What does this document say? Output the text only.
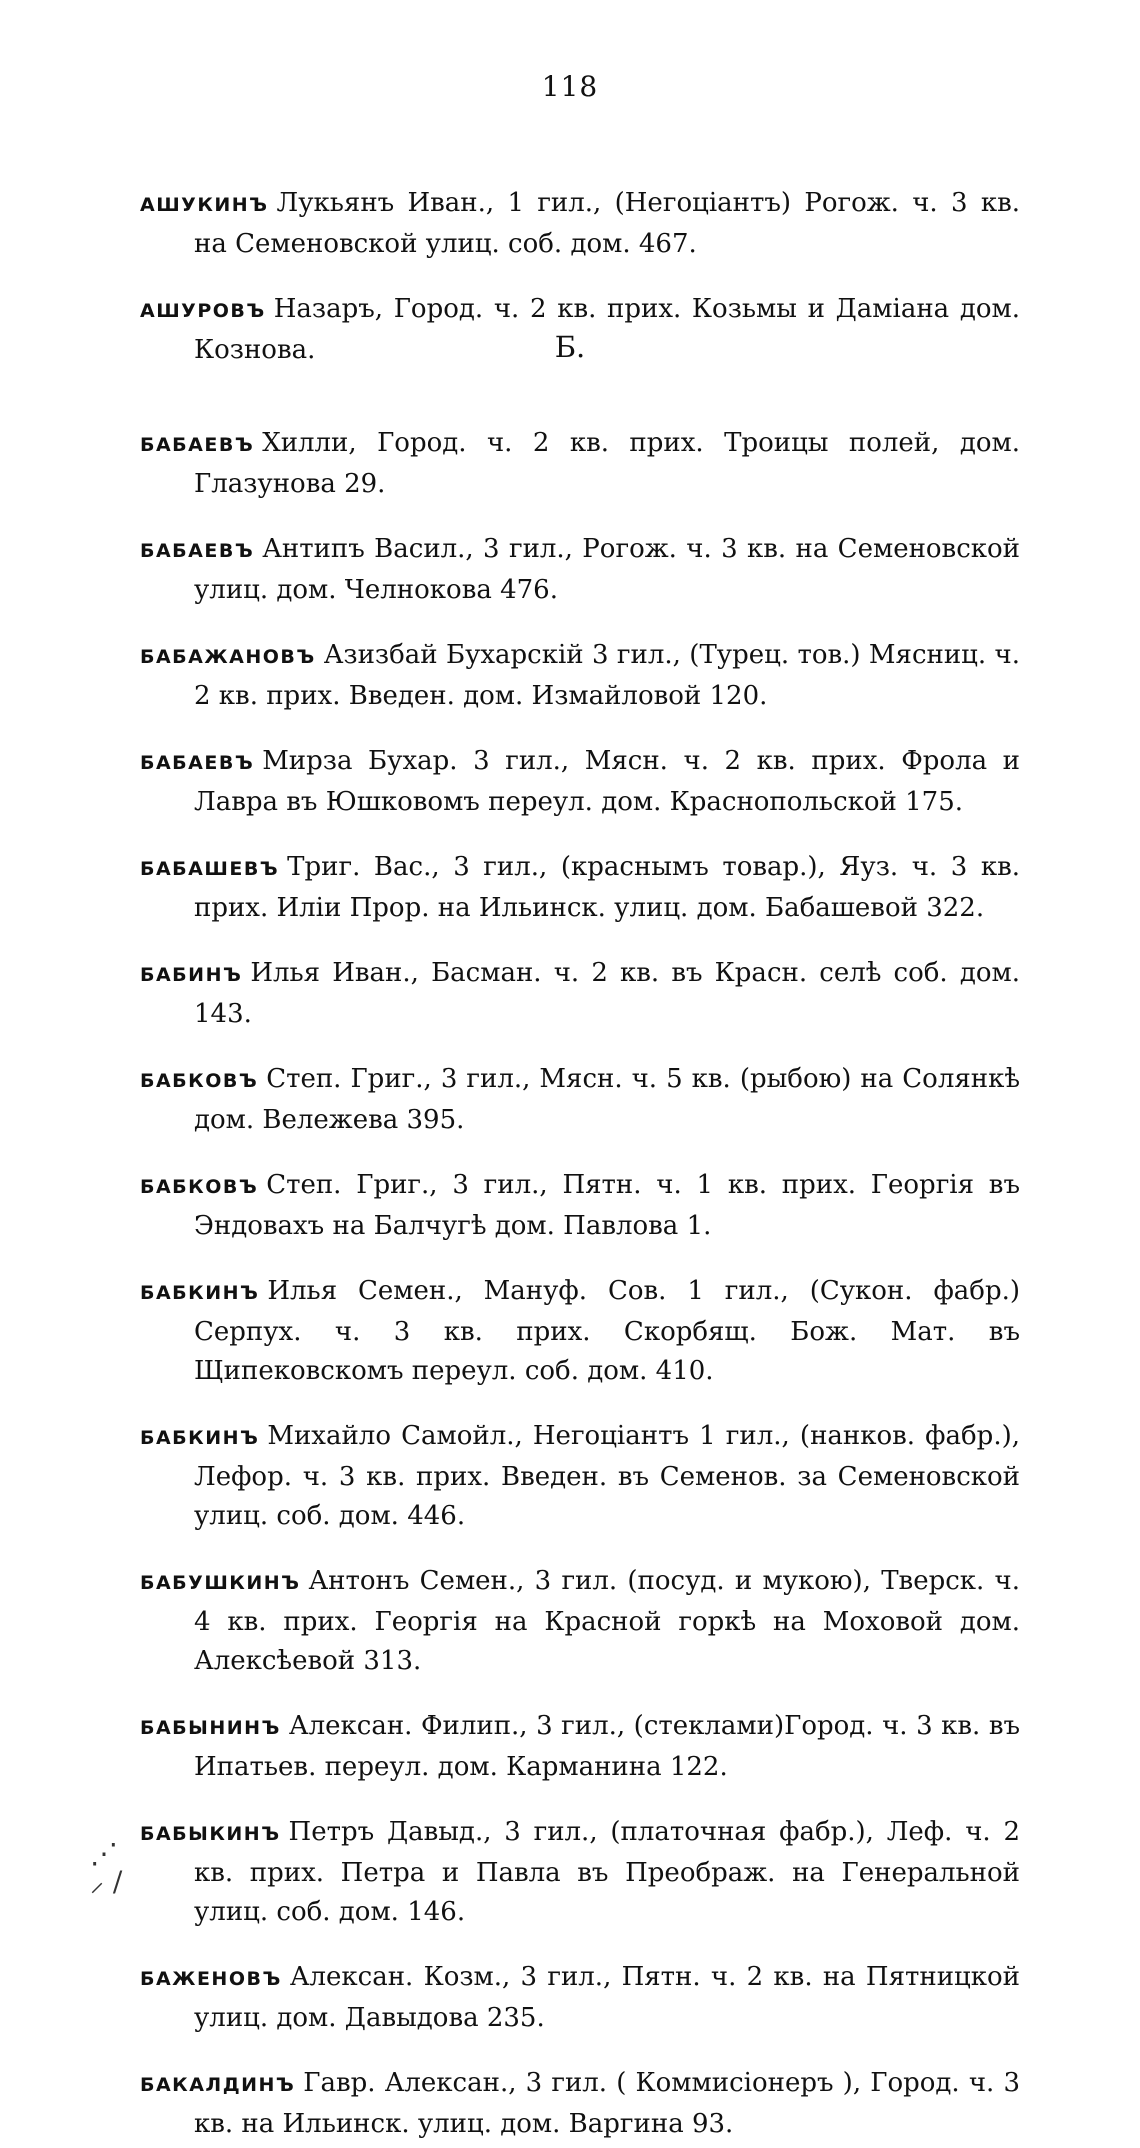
118

АШУКИНЪ Лукьянъ Иван., 1 гил., (Негоціантъ) Рогож. ч. 3 кв. на Семеновской улиц. соб. дом. 467.

АШУРОВЪ Назаръ, Город. ч. 2 кв. прих. Козьмы и Даміана дом. Кознова.	Б.

БАБАЕВЪ Хилли, Город. ч. 2 кв. прих. Троицы полей, дом. Глазунова 29.

БАБАЕВЪ Антипъ Васил., 3 гил., Рогож. ч. 3 кв. на Семеновской улиц. дом. Челнокова 476.

БАБАЖАНОВЪ Азизбай Бухарскій 3 гил., (Турец. тов.) Мясниц. ч. 2 кв. прих. Введен. дом. Измайловой 120.

БАБАЕВЪ Мирза Бухар. 3 гил., Мясн. ч. 2 кв. прих. Фрола и Лавра въ Юшковомъ переул. дом. Краснопольской 175.

БАБАШЕВЪ Триг. Вас., 3 гил., (краснымъ товар.), Яуз. ч. 3 кв. прих. Иліи Прор. на Ильинск. улиц. дом. Бабашевой 322.

БАБИНЪ Илья Иван., Басман. ч. 2 кв. въ Красн. селѣ соб. дом. 143.

БАБКОВЪ Степ. Григ., 3 гил., Мясн. ч. 5 кв. (рыбою) на Солянкѣ дом. Вележева 395.

БАБКОВЪ Степ. Григ., 3 гил., Пятн. ч. 1 кв. прих. Георгія въ Эндовахъ на Балчугѣ дом. Павлова 1.

БАБКИНЪ Илья Семен., Мануф. Сов. 1 гил., (Сукон. фабр.) Серпух. ч. 3 кв. прих. Скорбящ. Бож. Мат. въ Щипековскомъ переул. соб. дом. 410.

БАБКИНЪ Михайло Самойл., Негоціантъ 1 гил., (нанков. фабр.), Лефор. ч. 3 кв. прих. Введен. въ Семенов. за Семеновской улиц. соб. дом. 446.

БАБУШКИНЪ Антонъ Семен., 3 гил. (посуд. и мукою), Тверск. ч. 4 кв. прих. Георгія на Красной горкѣ на Моховой дом. Алексѣевой 313.

БАБЫНИНЪ Алексан. Филип., 3 гил., (стеклами)Город. ч. 3 кв. въ Ипатьев. переул. дом. Карманина 122.

БАБЫКИНЪ Петръ Давыд., 3 гил., (платочная фабр.), Леф. ч. 2 кв. прих. Петра и Павла въ Преображ. на Генеральной улиц. соб. дом. 146.

БАЖЕНОВЪ Алексан. Козм., 3 гил., Пятн. ч. 2 кв. на Пятницкой улиц. дом. Давыдова 235.

БАКАЛДИНЪ Гавр. Алексан., 3 гил. ( Коммисіонеръ ), Город. ч. 3 кв. на Ильинск. улиц. дом. Варгина 93.

⋰
⸝ /
